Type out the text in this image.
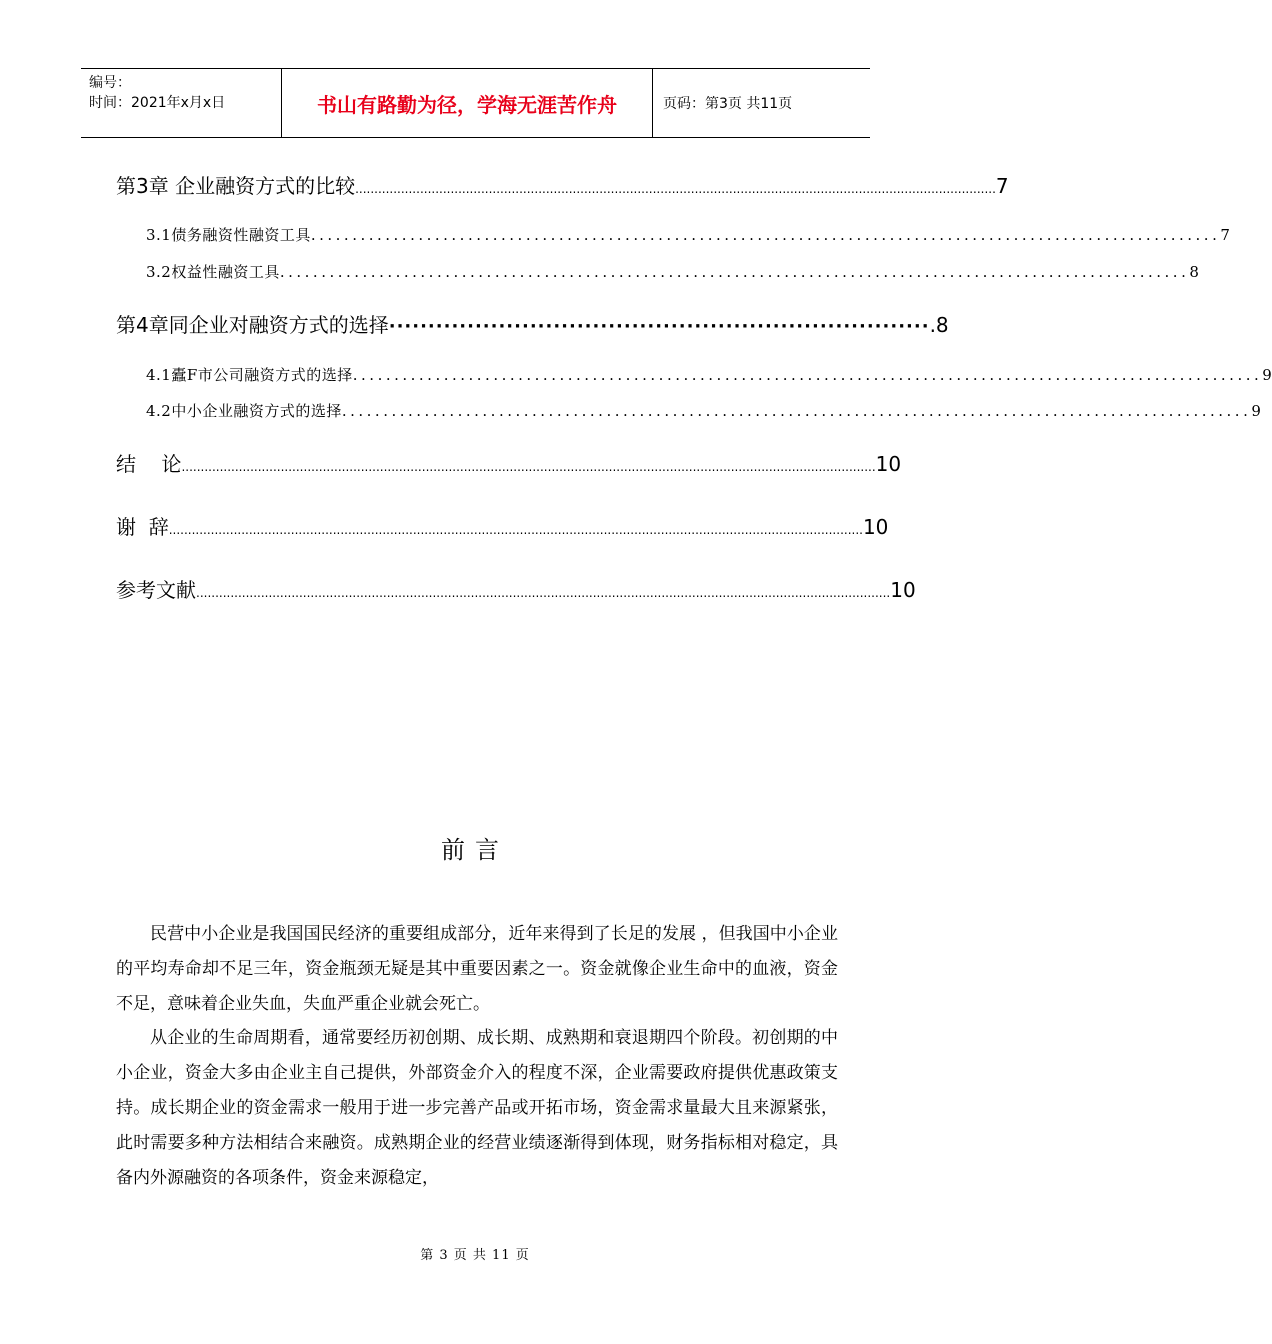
编号：
时间：2021年x月x日	书山有路勤为径，学海无涯苦作舟	页码：第3页 共11页
第3章 企业融资方式的比较 ........................................................................................................................................................................ 7
3.1债务融资性融资工具 .............................................................................................................. 7
3.2权益性融资工具 .............................................................................................................. 8
第4章同企业对融资方式的选择 ····································································· .8
4.1蠹F市公司融资方式的选择 .............................................................................................................. 9
4.2中小企业融资方式的选择 .............................................................................................................. 9
结    论 ...................................................................................................................................................................................... 10
谢  辞 ...................................................................................................................................................................................... 10
参考文献 ...................................................................................................................................................................................... 10
前言

民营中小企业是我国国民经济的重要组成部分，近年来得到了长足的发展 ，但我国中小企业的平均寿命却不足三年，资金瓶颈无疑是其中重要因素之一。资金就像企业生命中的血液，资金不足，意味着企业失血，失血严重企业就会死亡。

从企业的生命周期看，通常要经历初创期、成长期、成熟期和衰退期四个阶段。初创期的中小企业，资金大多由企业主自己提供，外部资金介入的程度不深，企业需要政府提供优惠政策支持。成长期企业的资金需求一般用于进一步完善产品或开拓市场，资金需求量最大且来源紧张，此时需要多种方法相结合来融资。成熟期企业的经营业绩逐渐得到体现，财务指标相对稳定，具备内外源融资的各项条件，资金来源稳定，

第 3 页 共 11 页
